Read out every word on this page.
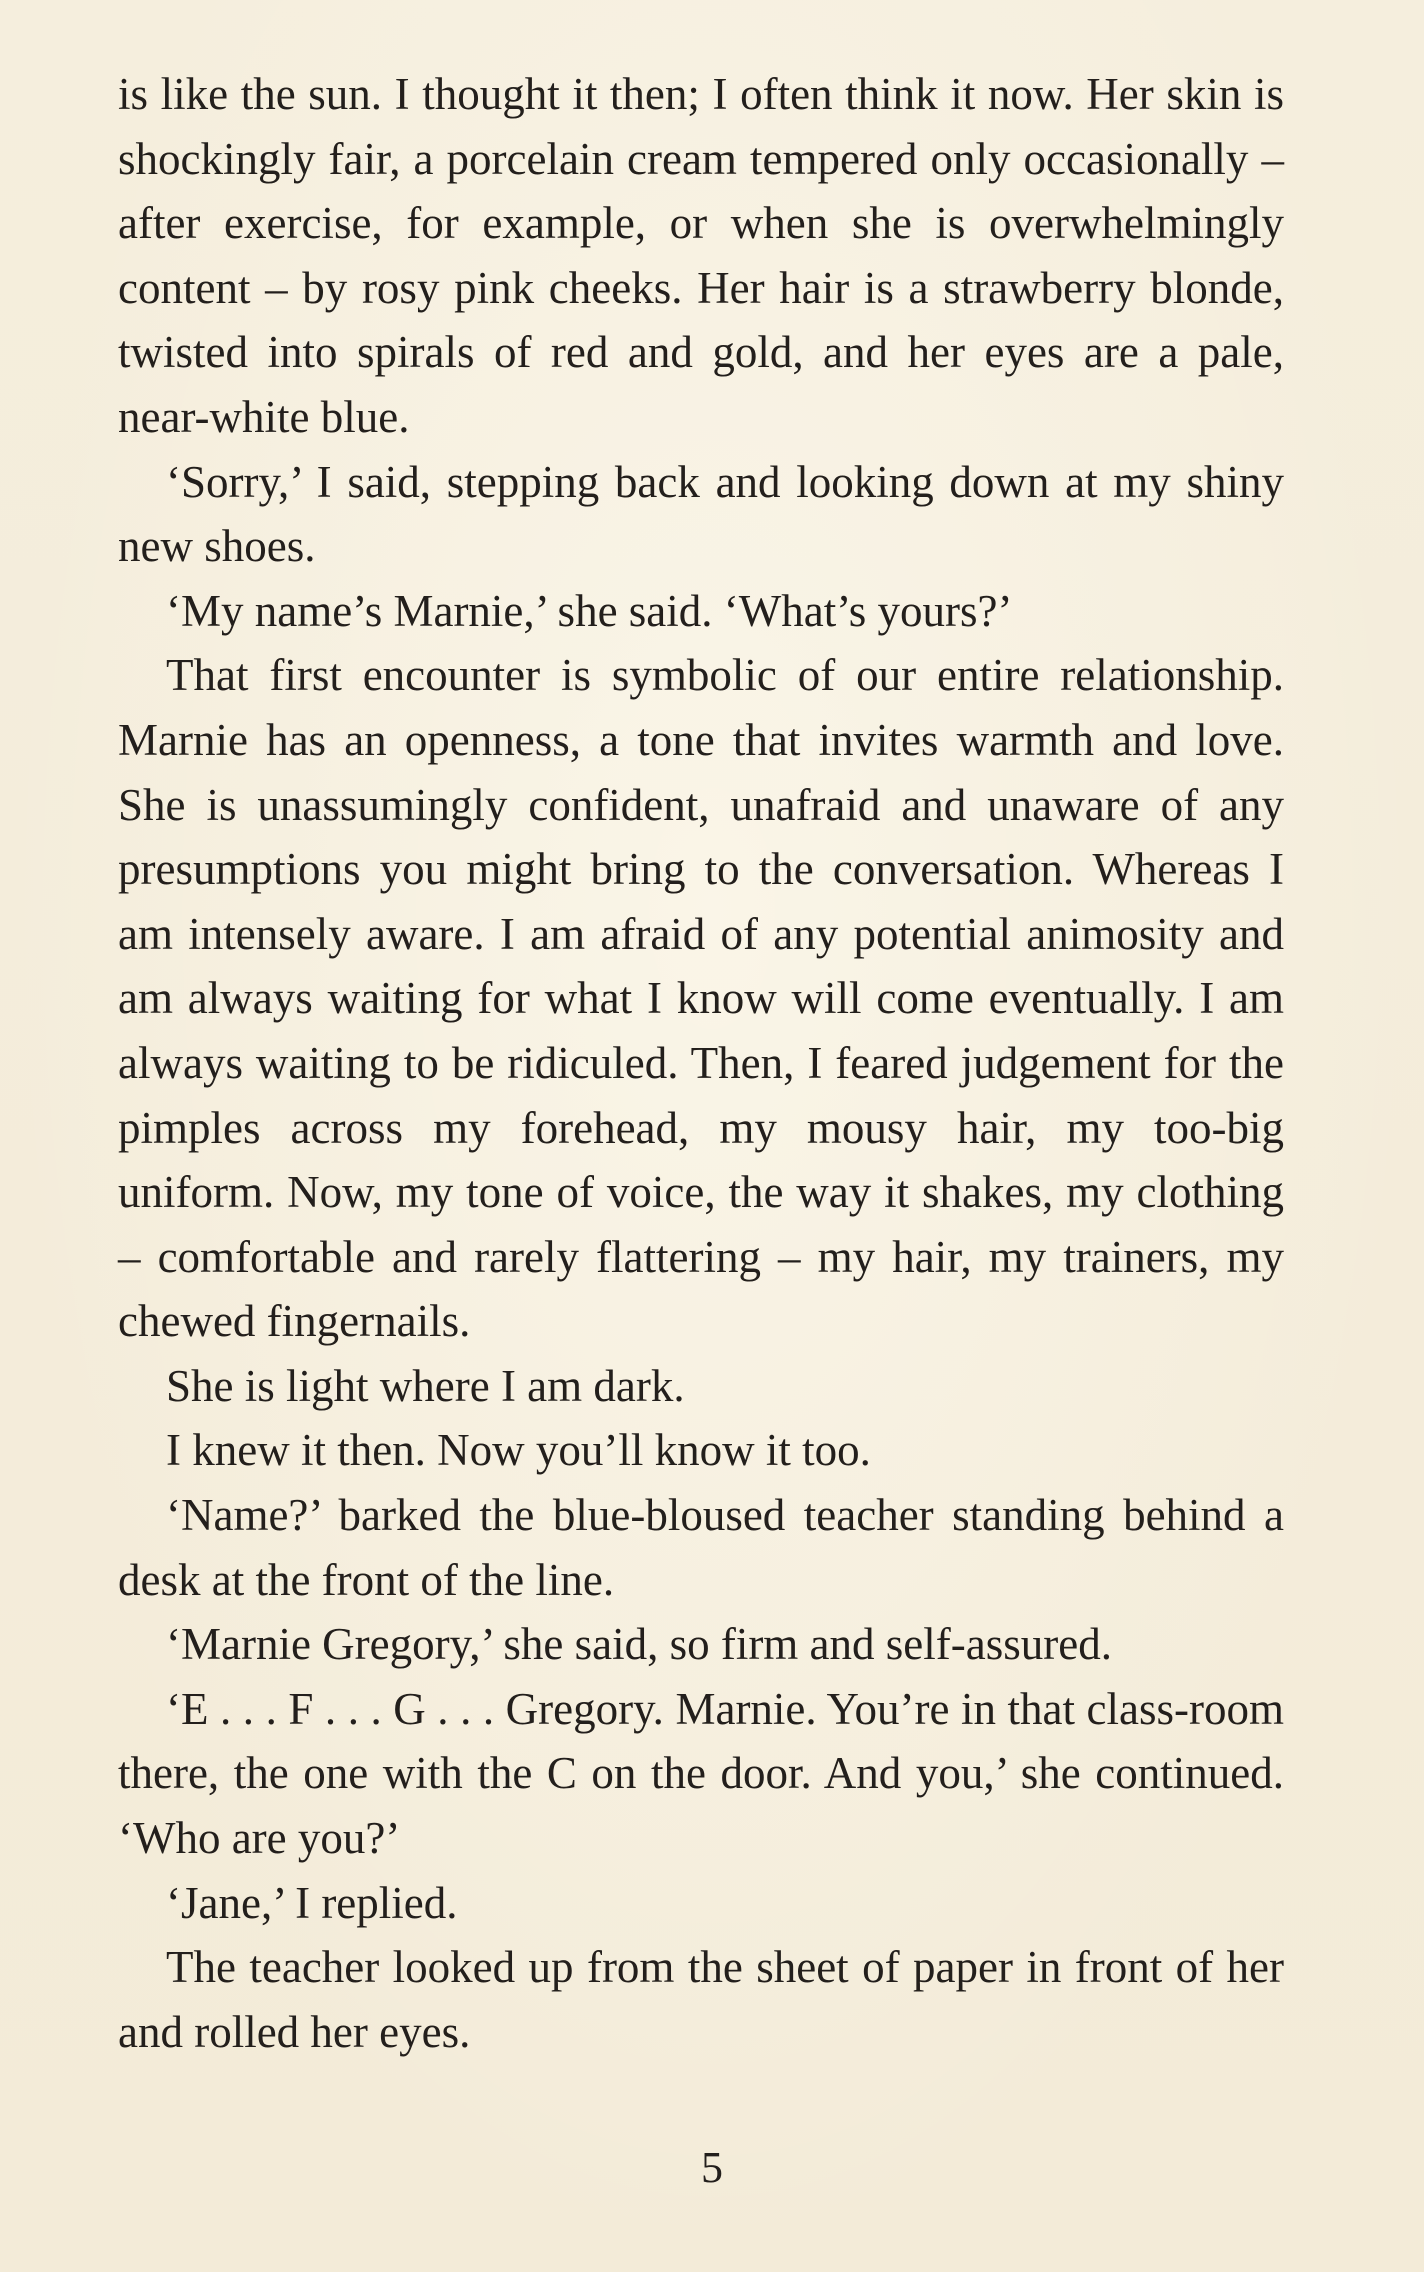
is like the sun. I thought it then; I often think it now. Her skin is shockingly fair, a porcelain cream tempered only occasionally – after exercise, for example, or when she is overwhelmingly content – by rosy pink cheeks. Her hair is a strawberry blonde, twisted into spirals of red and gold, and her eyes are a pale, near-white blue.

‘Sorry,’ I said, stepping back and looking down at my shiny new shoes.

‘My name’s Marnie,’ she said. ‘What’s yours?’

That first encounter is symbolic of our entire relationship. Marnie has an openness, a tone that invites warmth and love. She is unassumingly confident, unafraid and unaware of any presumptions you might bring to the conversation. Whereas I am intensely aware. I am afraid of any potential animosity and am always waiting for what I know will come eventually. I am always waiting to be ridiculed. Then, I feared judgement for the pimples across my forehead, my mousy hair, my too-big uniform. Now, my tone of voice, the way it shakes, my clothing – comfortable and rarely flattering – my hair, my trainers, my chewed fingernails.

She is light where I am dark.

I knew it then. Now you’ll know it too.

‘Name?’ barked the blue-bloused teacher standing behind a desk at the front of the line.

‘Marnie Gregory,’ she said, so firm and self-assured.

‘E . . . F . . . G . . . Gregory. Marnie. You’re in that class-room there, the one with the C on the door. And you,’ she continued. ‘Who are you?’

‘Jane,’ I replied.

The teacher looked up from the sheet of paper in front of her and rolled her eyes.

5
